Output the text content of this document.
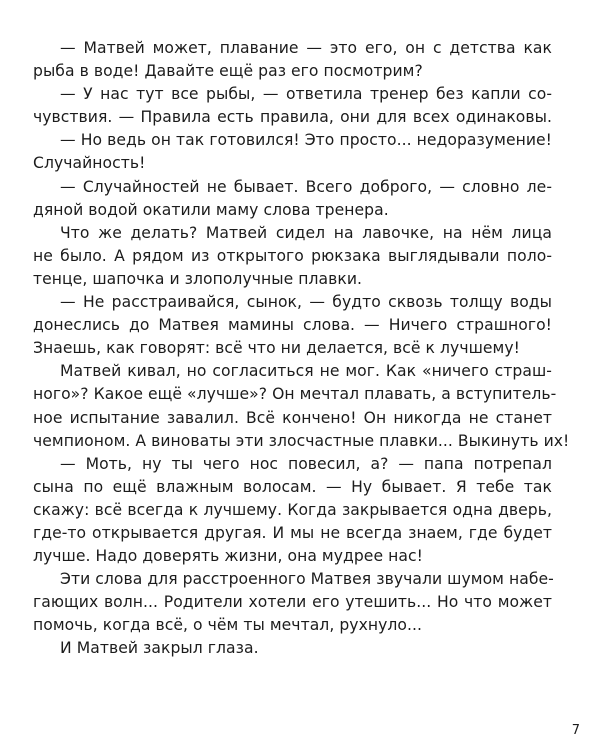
— Матвей может, плавание — это его, он с детства как
рыба в воде! Давайте ещё раз его посмотрим?
— У нас тут все рыбы, — ответила тренер без капли со-
чувствия. — Правила есть правила, они для всех одинаковы.
— Но ведь он так готовился! Это просто... недоразумение!
Случайность!
— Случайностей не бывает. Всего доброго, — словно ле-
дяной водой окатили маму слова тренера.
Что же делать? Матвей сидел на лавочке, на нём лица
не было. А рядом из открытого рюкзака выглядывали поло-
тенце, шапочка и злополучные плавки.
— Не расстраивайся, сынок, — будто сквозь толщу воды
донеслись до Матвея мамины слова. — Ничего страшного!
Знаешь, как говорят: всё что ни делается, всё к лучшему!
Матвей кивал, но согласиться не мог. Как «ничего страш-
ного»? Какое ещё «лучше»? Он мечтал плавать, а вступитель-
ное испытание завалил. Всё кончено! Он никогда не станет
чемпионом. А виноваты эти злосчастные плавки... Выкинуть их!
— Моть, ну ты чего нос повесил, а? — папа потрепал
сына по ещё влажным волосам. — Ну бывает. Я тебе так
скажу: всё всегда к лучшему. Когда закрывается одна дверь,
где-то открывается другая. И мы не всегда знаем, где будет
лучше. Надо доверять жизни, она мудрее нас!
Эти слова для расстроенного Матвея звучали шумом набе-
гающих волн... Родители хотели его утешить... Но что может
помочь, когда всё, о чём ты мечтал, рухнуло...
И Матвей закрыл глаза.
7
